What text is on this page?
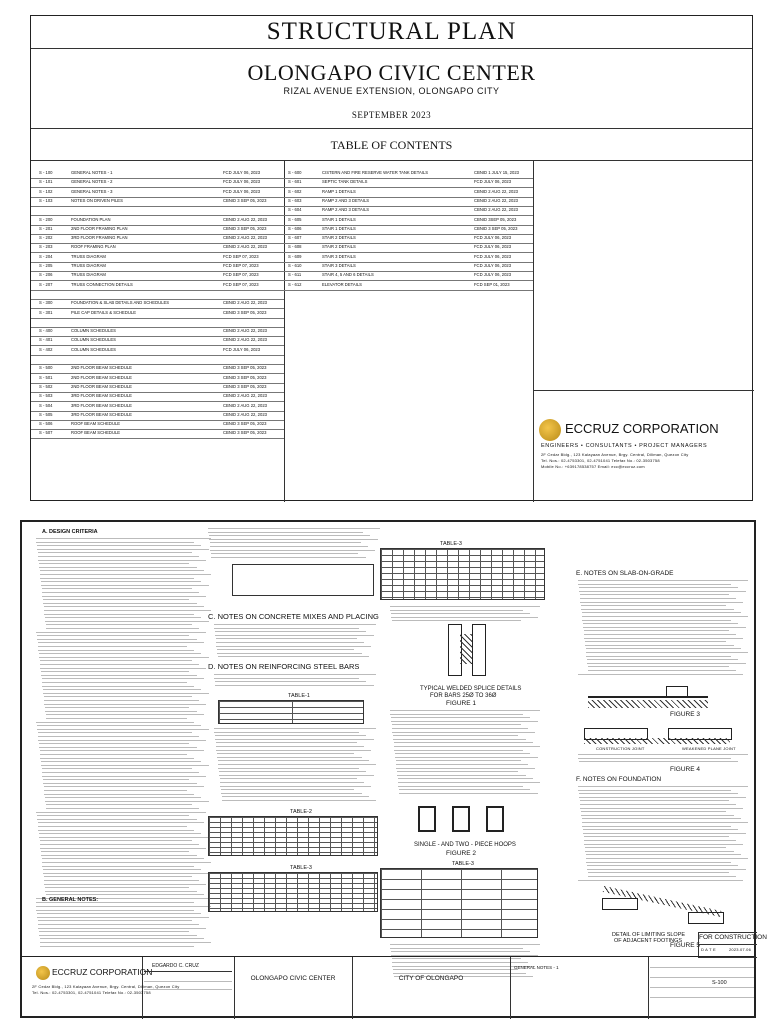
STRUCTURAL PLAN
OLONGAPO CIVIC CENTER
RIZAL AVENUE EXTENSION, OLONGAPO CITY
SEPTEMBER 2023
TABLE OF CONTENTS
S - 100	GENERAL NOTES - 1	FCD JULY 06, 2023
S - 101	GENERAL NOTES - 2	FCD JULY 06, 2023
S - 102	GENERAL NOTES - 3	FCD JULY 06, 2023
S - 103	NOTES ON DRIVEN PILES	CBNID 3 SEP 05, 2023
S - 200	FOUNDATION PLAN	CBNID 2 AUG 22, 2023
S - 201	2ND FLOOR FRAMING PLAN	CBNID 3 SEP 05, 2023
S - 202	3RD FLOOR FRAMING PLAN	CBNID 2 AUG 22, 2023
S - 203	ROOF FRAMING PLAN	CBNID 2 AUG 22, 2023
S - 204	TRUSS DIAGRAM	FCD SEP 07, 2023
S - 205	TRUSS DIAGRAM	FCD SEP 07, 2023
S - 206	TRUSS DIAGRAM	FCD SEP 07, 2023
S - 207	TRUSS CONNECTION DETAILS	FCD SEP 07, 2023
S - 300	FOUNDATION & SLAB DETAILS AND SCHEDULES	CBNID 2 AUG 22, 2023
S - 301	PILE CAP DETAILS & SCHEDULE	CBNID 3 SEP 05, 2023
S - 400	COLUMN SCHEDULES	CBNID 2 AUG 22, 2023
S - 401	COLUMN SCHEDULES	CBNID 2 AUG 22, 2023
S - 402	COLUMN SCHEDULES	FCD JULY 06, 2023
S - 500	2ND FLOOR BEAM SCHEDULE	CBNID 3 SEP 05, 2023
S - 501	2ND FLOOR BEAM SCHEDULE	CBNID 3 SEP 05, 2023
S - 502	2ND FLOOR BEAM SCHEDULE	CBNID 3 SEP 05, 2023
S - 503	3RD FLOOR BEAM SCHEDULE	CBNID 2 AUG 22, 2023
S - 504	3RD FLOOR BEAM SCHEDULE	CBNID 2 AUG 22, 2023
S - 505	3RD FLOOR BEAM SCHEDULE	CBNID 2 AUG 22, 2023
S - 506	ROOF BEAM SCHEDULE	CBNID 3 SEP 05, 2023
S - 507	ROOF BEAM SCHEDULE	CBNID 3 SEP 05, 2023
S - 600	CISTERN AND FIRE RESERVE WATER TANK DETAILS	CBNID 1 JULY 15, 2023
S - 601	SEPTIC TANK DETAILS	FCD JULY 06, 2023
S - 602	RAMP 1 DETAILS	CBNID 2 AUG 22, 2023
S - 603	RAMP 2 AND 3 DETAILS	CBNID 2 AUG 22, 2023
S - 604	RAMP 2 AND 3 DETAILS	CBNID 2 AUG 22, 2023
S - 605	STAIR 1 DETAILS	CBNID 3SEP 05, 2023
S - 606	STAIR 1 DETAILS	CBNID 3 SEP 05, 2023
S - 607	STAIR 2 DETAILS	FCD JULY 06, 2023
S - 608	STAIR 2 DETAILS	FCD JULY 06, 2023
S - 609	STAIR 3 DETAILS	FCD JULY 06, 2023
S - 610	STAIR 3 DETAILS	FCD JULY 06, 2023
S - 611	STAIR 4, 5 AND 6 DETAILS	FCD JULY 06, 2023
S - 612	ELEVATOR DETAILS	FCD SEP 01, 2023
ECCRUZ CORPORATION
ENGINEERS • CONSULTANTS • PROJECT MANAGERS
2F Cedar Bldg., 123 Kalayaan Avenue, Brgy. Central, Diliman, Quezon City
Tel. Nos.: 02-4753301, 02-4751041 Telefax No.: 02-3503758
Mobile No.: +639178538757 Email: ecc@eccruz.com
A. DESIGN CRITERIA
B. GENERAL NOTES:
C. NOTES ON CONCRETE MIXES AND PLACING
D. NOTES ON REINFORCING STEEL BARS
TABLE-1
TABLE-2
TABLE-3
TABLE-3
TYPICAL WELDED SPLICE DETAILS
FOR BARS 25Ø TO 36Ø
FIGURE 1
SINGLE - AND TWO - PIECE HOOPS
FIGURE 2
TABLE-3
E. NOTES ON SLAB-ON-GRADE
FIGURE 3
CONSTRUCTION JOINT	WEAKENED PLANE JOINT
FIGURE 4
F. NOTES ON FOUNDATION
DETAIL OF LIMITING SLOPE
OF ADJACENT FOOTINGS
FIGURE 5
FOR CONSTRUCTION
D A T E	2023.07.06
ECCRUZ CORPORATION
2F Cedar Bldg., 123 Kalayaan Avenue, Brgy. Central, Diliman, Quezon City
Tel. Nos.: 02-4753301, 02-4751041 Telefax No.: 02-3503758
EDGARDO C. CRUZ
OLONGAPO CIVIC CENTER	CITY OF OLONGAPO
GENERAL NOTES - 1
S-100
